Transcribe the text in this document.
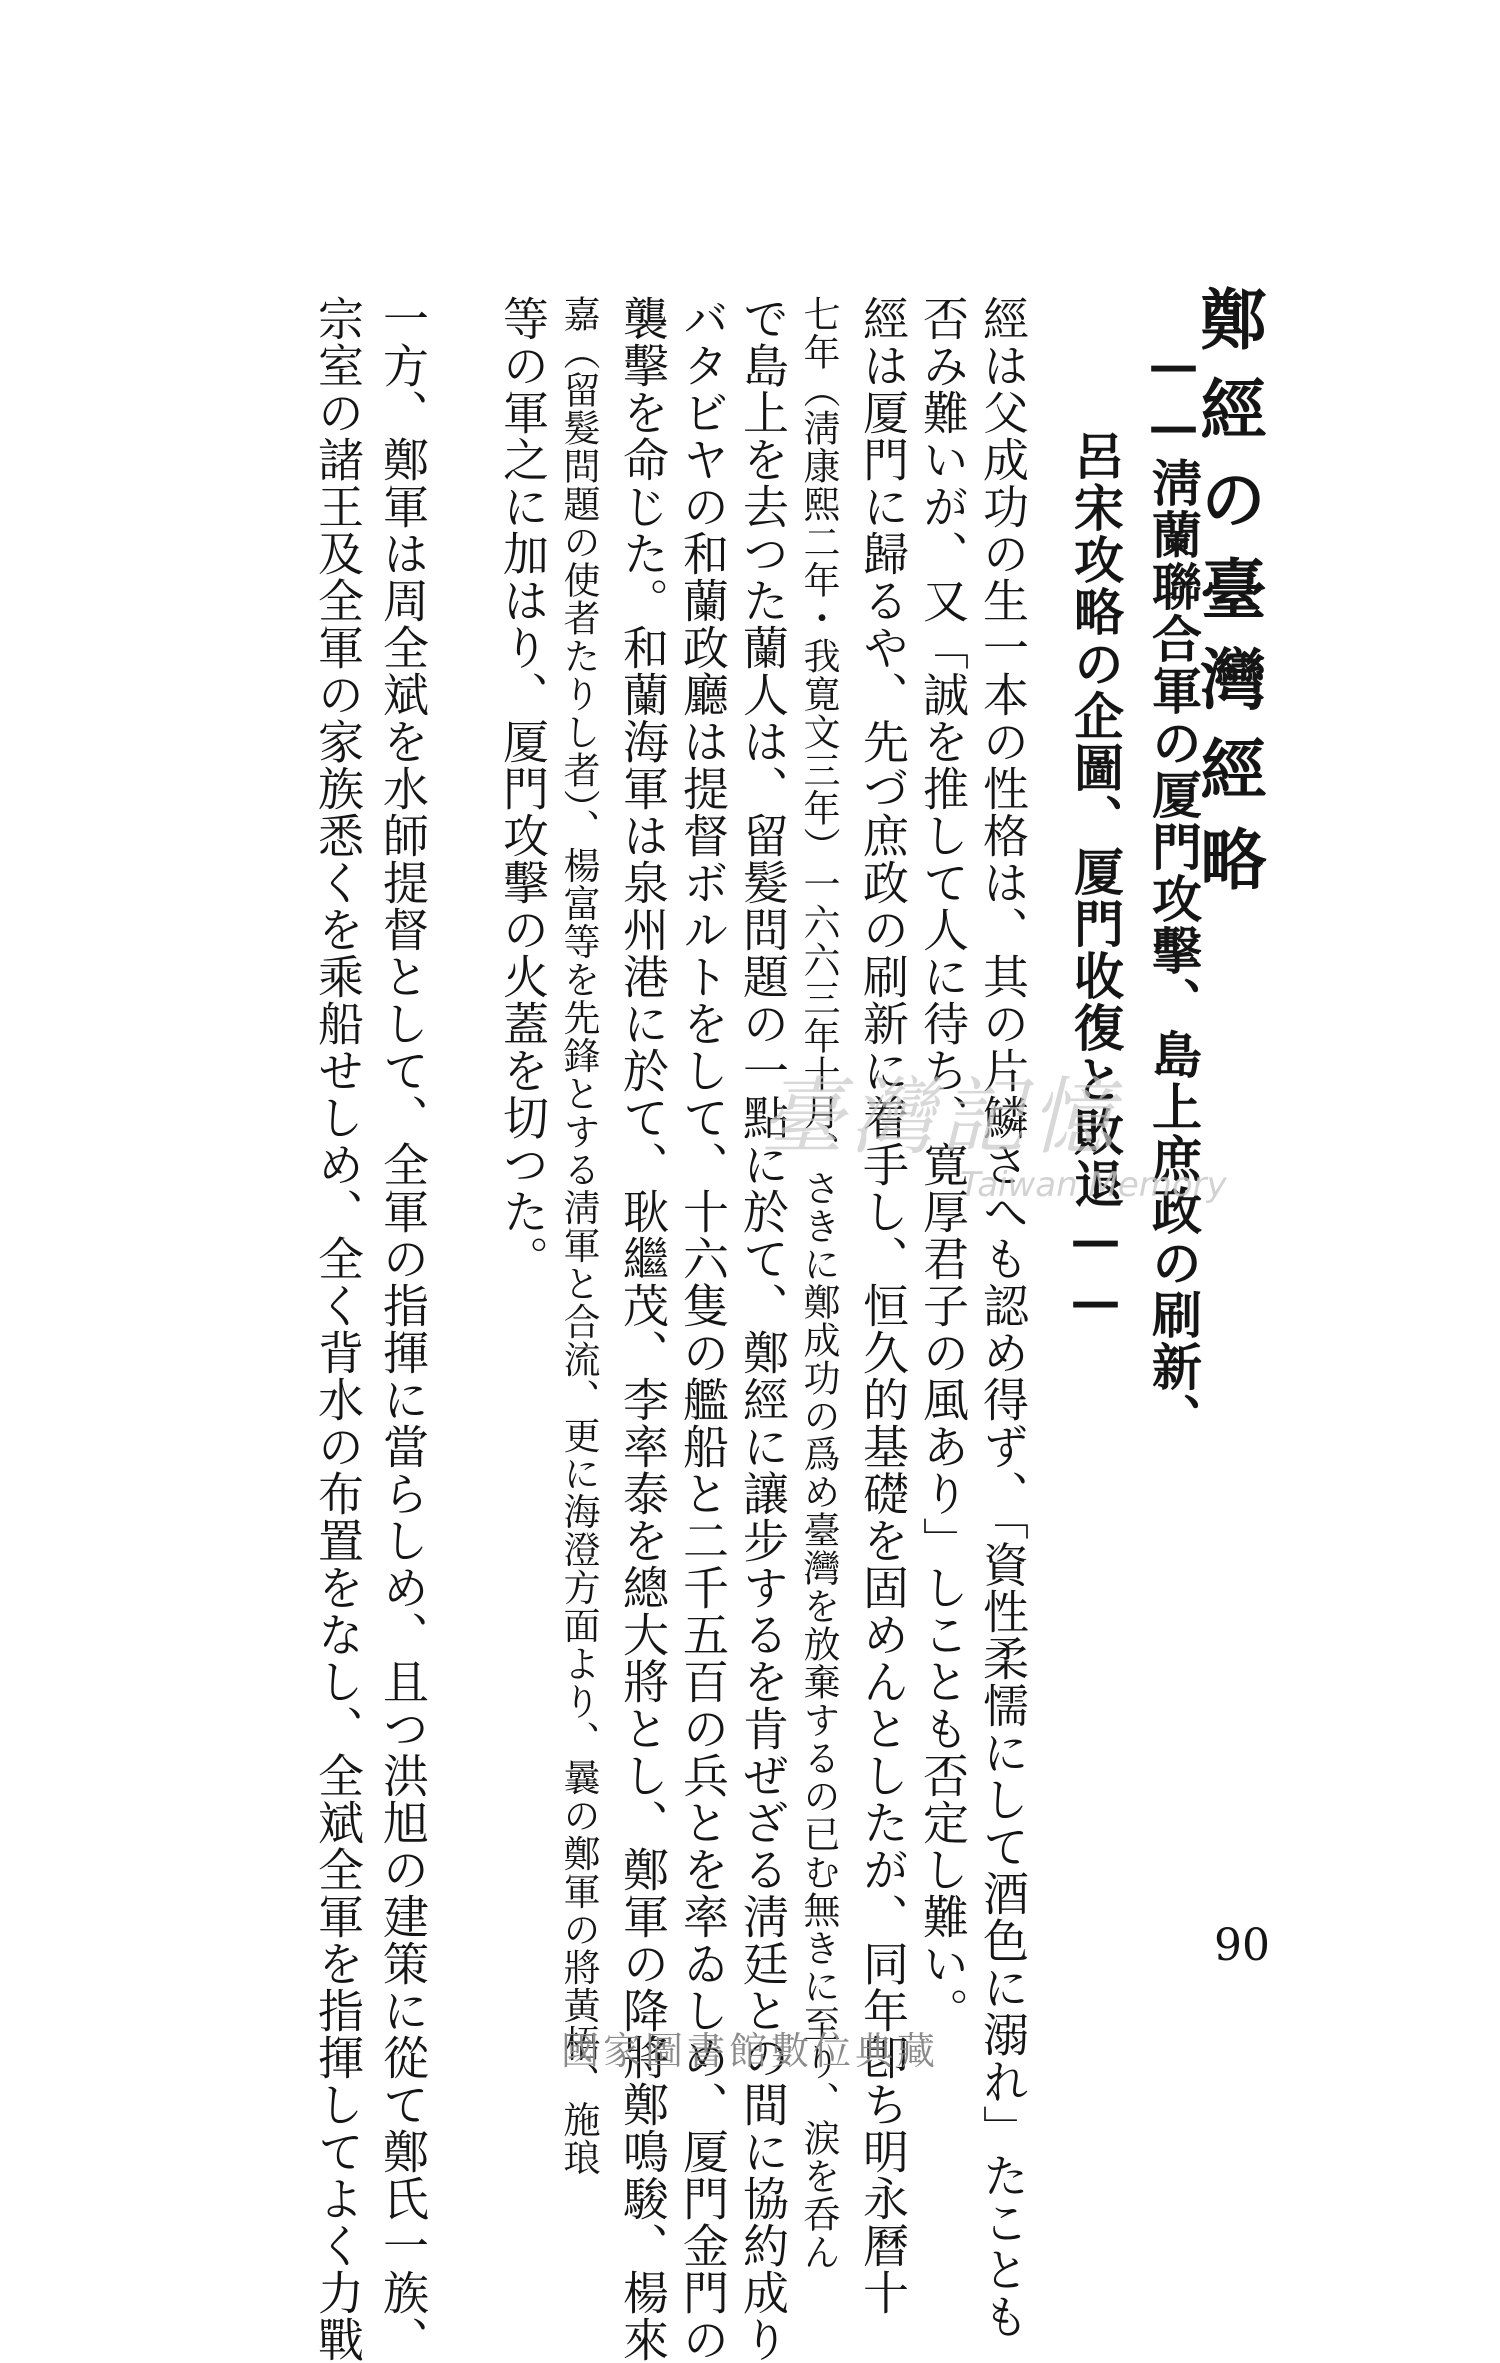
鄭經の臺灣經略
——淸蘭聯合軍の厦門攻擊、島上庶政の刷新、
呂宋攻略の企圖、厦門收復と敗退——
經は父成功の生一本の性格は、其の片鱗さへも認め得ず、「資性柔懦にして酒色に溺れ」たことも
否み難いが、又「誠を推して人に待ち、寛厚君子の風あり」しことも否定し難い。
經は厦門に歸るや、先づ庶政の刷新に着手し、恒久的基礎を固めんとしたが、同年卽ち明永曆十
七年（淸康熙二年・我寛文三年）一六六三年十月、さきに鄭成功の爲め臺灣を放棄するの已む無きに至り、涙を呑ん
で島上を去つた蘭人は、留髮問題の一點に於て、鄭經に讓步するを肯ぜざる淸廷との間に協約成り
バタビヤの和蘭政廳は提督ボルトをして、十六隻の艦船と二千五百の兵とを率ゐしめ、厦門金門の
襲擊を命じた。和蘭海軍は泉州港に於て、耿繼茂、李率泰を總大將とし、鄭軍の降將鄭鳴駿、楊來
嘉（留髮問題の使者たりし者）、楊富等を先鋒とする淸軍と合流、更に海澄方面より、曩の鄭軍の將黃梧、施琅
等の軍之に加はり、厦門攻擊の火蓋を切つた。
一方、鄭軍は周全斌を水師提督として、全軍の指揮に當らしめ、且つ洪旭の建策に從て鄭氏一族、
宗室の諸王及全軍の家族悉くを乘船せしめ、全く背水の布置をなし、全斌全軍を指揮してよく力戰	90
臺灣記憶
Taiwan Memory
國家圖書館數位典藏
